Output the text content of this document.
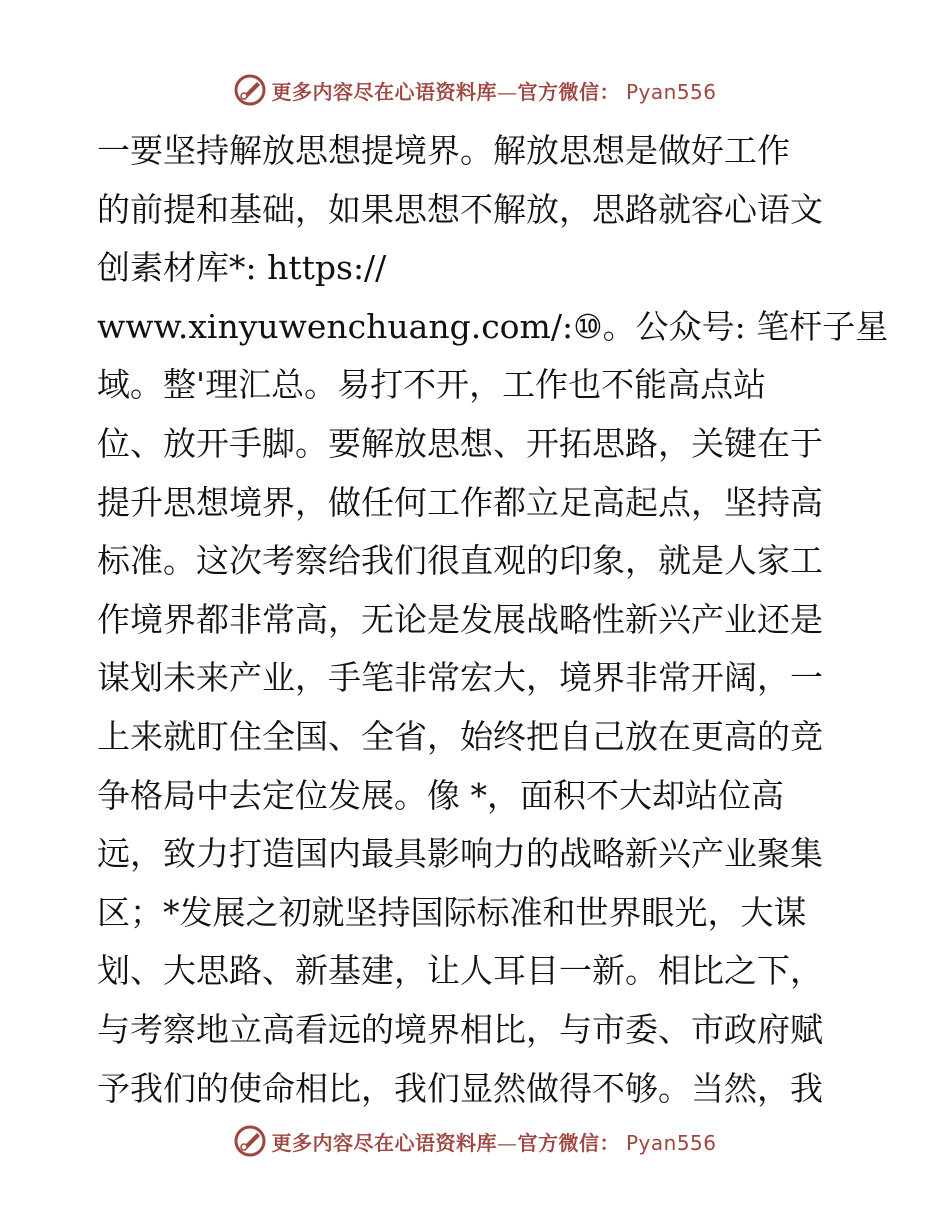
更多内容尽在心语资料库—官方微信： Pyan556
一要坚持解放思想提境界。解放思想是做好工作
的前提和基础，如果思想不解放，思路就容心语文
创素材库*: https://
www.xinyuwenchuang.com/:⑩。公众号: 笔杆子星
域。整'理汇总。易打不开，工作也不能高点站
位、放开手脚。要解放思想、开拓思路，关键在于
提升思想境界，做任何工作都立足高起点，坚持高
标准。这次考察给我们很直观的印象，就是人家工
作境界都非常高，无论是发展战略性新兴产业还是
谋划未来产业，手笔非常宏大，境界非常开阔，一
上来就盯住全国、全省，始终把自己放在更高的竞
争格局中去定位发展。像 *，面积不大却站位高
远，致力打造国内最具影响力的战略新兴产业聚集
区；*发展之初就坚持国际标准和世界眼光，大谋
划、大思路、新基建，让人耳目一新。相比之下，
与考察地立高看远的境界相比，与市委、市政府赋
予我们的使命相比，我们显然做得不够。当然，我
更多内容尽在心语资料库—官方微信： Pyan556
